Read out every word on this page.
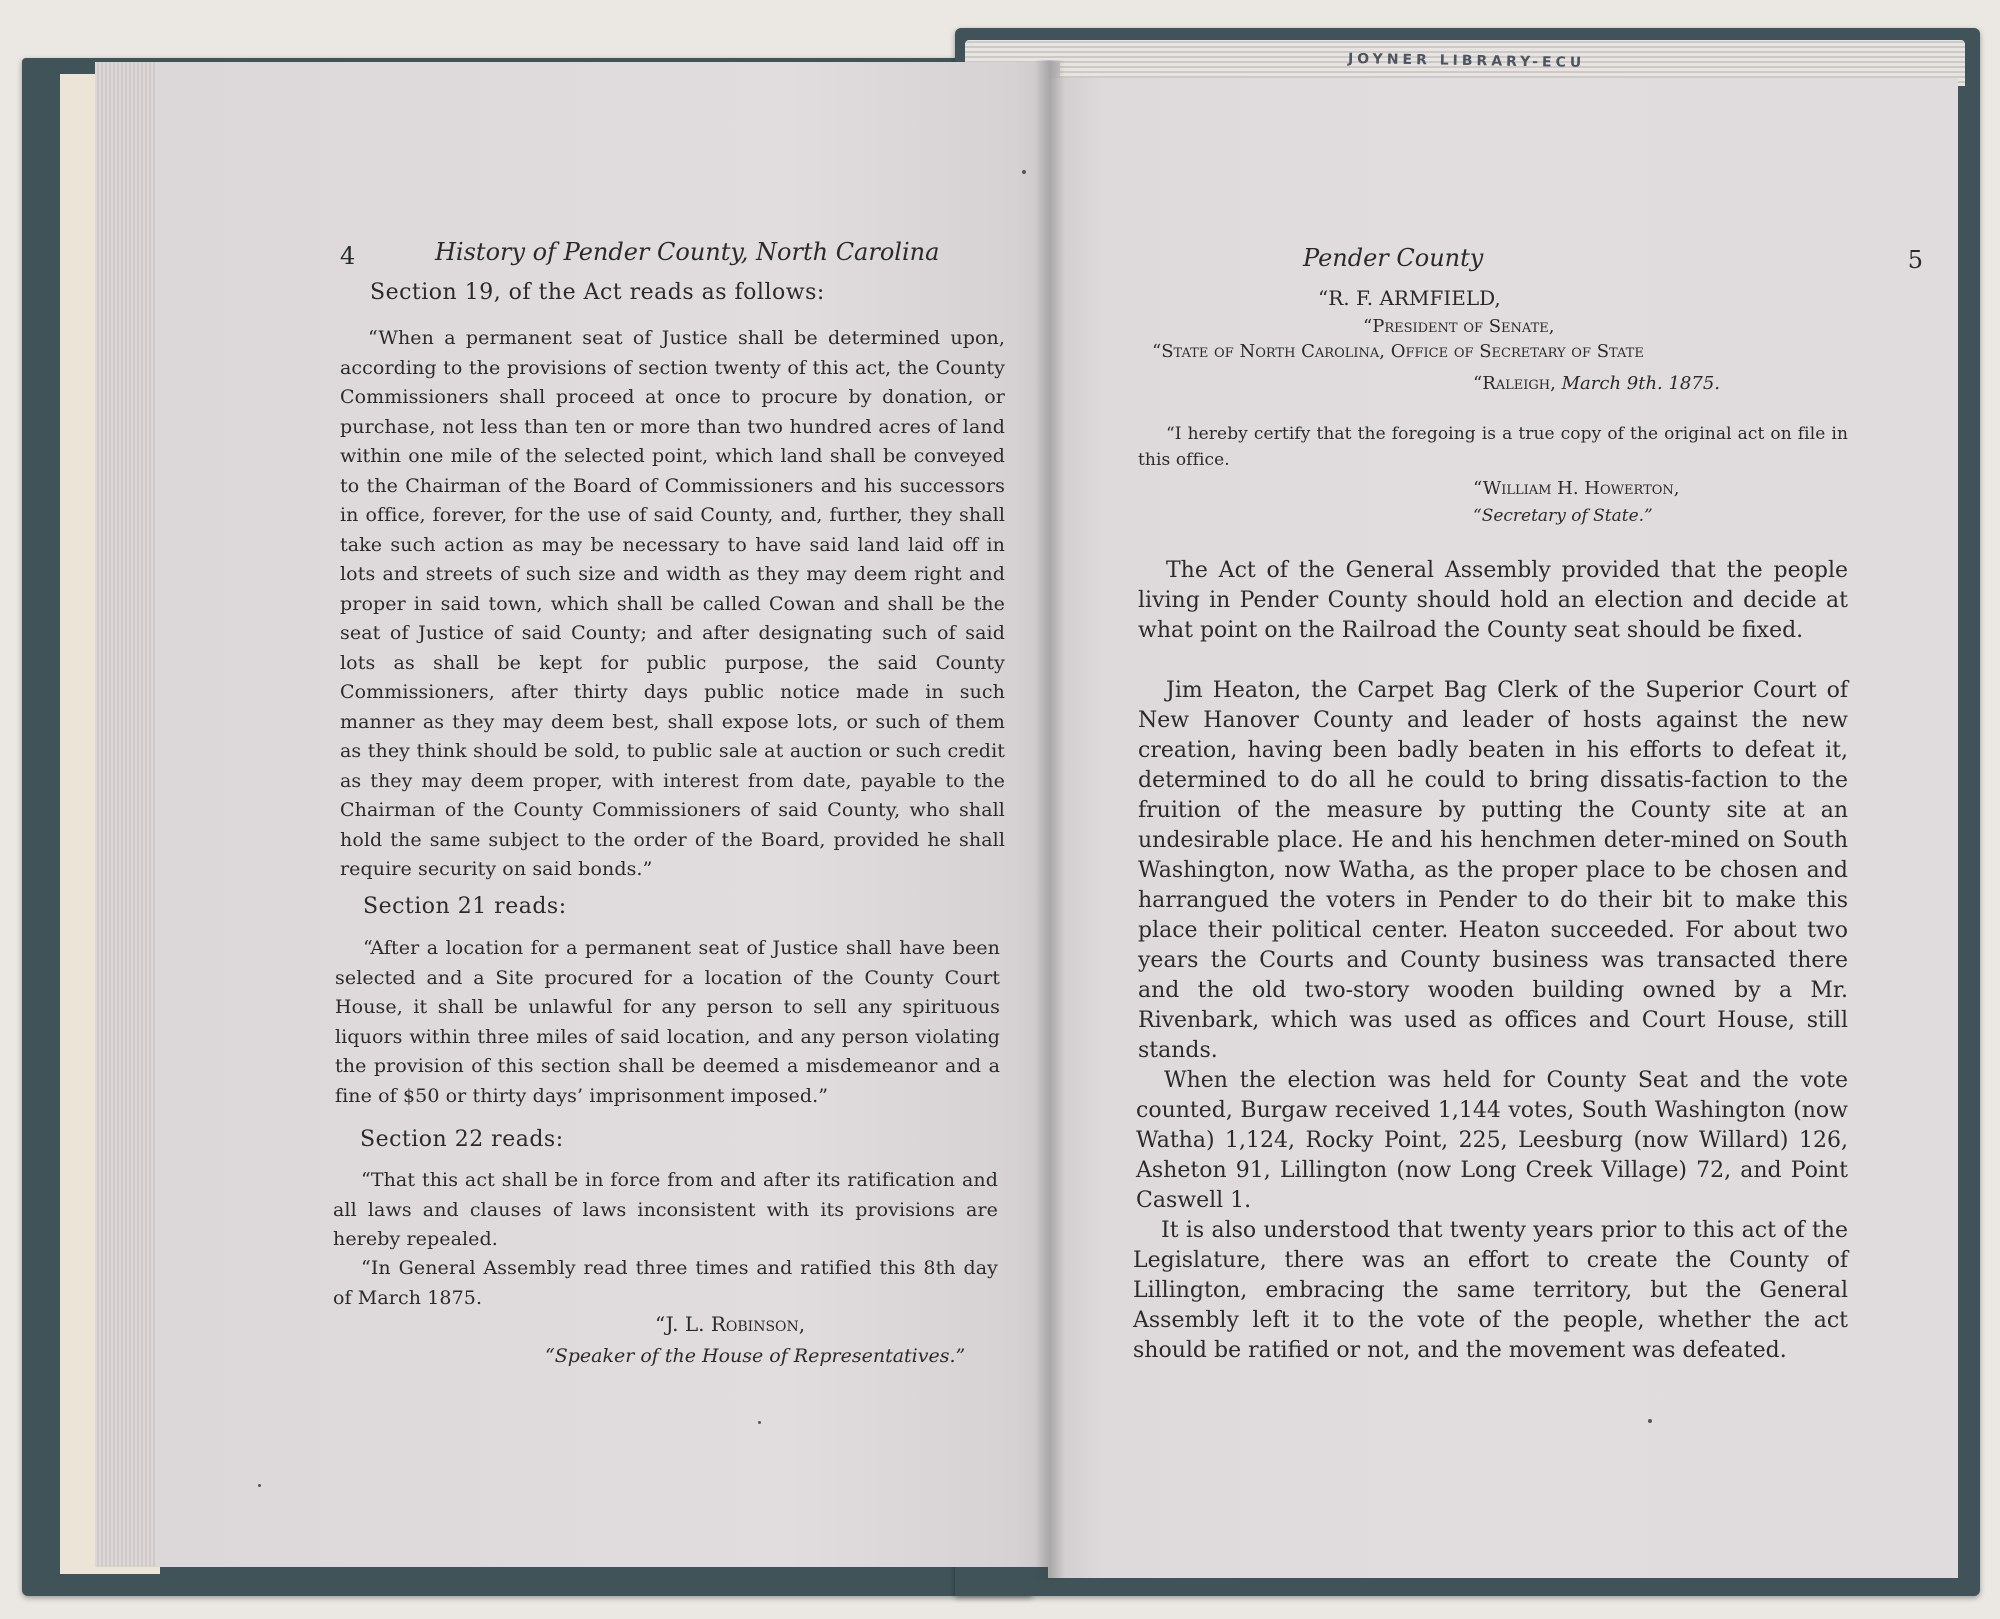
JOYNER LIBRARY-ECU
4	History of Pender County, North Carolina
Section 19, of the Act reads as follows:
“When a permanent seat of Justice shall be determined upon, according to the provisions of section twenty of this act, the County Commissioners shall proceed at once to procure by donation, or purchase, not less than ten or more than two hundred acres of land within one mile of the selected point, which land shall be conveyed to the Chairman of the Board of Commissioners and his successors in office, forever, for the use of said County, and, further, they shall take such action as may be necessary to have said land laid off in lots and streets of such size and width as they may deem right and proper in said town, which shall be called Cowan and shall be the seat of Justice of said County; and after designating such of said lots as shall be kept for public purpose, the said County Commissioners, after thirty days public notice made in such manner as they may deem best, shall expose lots, or such of them as they think should be sold, to public sale at auction or such credit as they may deem proper, with interest from date, payable to the Chairman of the County Commissioners of said County, who shall hold the same subject to the order of the Board, provided he shall require security on said bonds.”
Section 21 reads:
“After a location for a permanent seat of Justice shall have been selected and a Site procured for a location of the County Court House, it shall be unlawful for any person to sell any spirituous liquors within three miles of said location, and any person violating the provision of this section shall be deemed a misdemeanor and a fine of $50 or thirty days’ imprisonment imposed.”
Section 22 reads:
“That this act shall be in force from and after its ratification and all laws and clauses of laws inconsistent with its provisions are hereby repealed.
“In General Assembly read three times and ratified this 8th day of March 1875.
“J. L. Robinson,
“Speaker of the House of Representatives.”
Pender County	5
“R. F. ARMFIELD,
“President of Senate,
“State of North Carolina, Office of Secretary of State
“Raleigh, March 9th. 1875.
“I hereby certify that the foregoing is a true copy of the original act on file in this office.
“William H. Howerton,
“Secretary of State.”
The Act of the General Assembly provided that the people living in Pender County should hold an election and decide at what point on the Railroad the County seat should be fixed.
Jim Heaton, the Carpet Bag Clerk of the Superior Court of New Hanover County and leader of hosts against the new creation, having been badly beaten in his efforts to defeat it, determined to do all he could to bring dissatis-faction to the fruition of the measure by putting the County site at an undesirable place. He and his henchmen deter-mined on South Washington, now Watha, as the proper place to be chosen and harrangued the voters in Pender to do their bit to make this place their political center. Heaton succeeded. For about two years the Courts and County business was transacted there and the old two-story wooden building owned by a Mr. Rivenbark, which was used as offices and Court House, still stands.
When the election was held for County Seat and the vote counted, Burgaw received 1,144 votes, South Washington (now Watha) 1,124, Rocky Point, 225, Leesburg (now Willard) 126, Asheton 91, Lillington (now Long Creek Village) 72, and Point Caswell 1.
It is also understood that twenty years prior to this act of the Legislature, there was an effort to create the County of Lillington, embracing the same territory, but the General Assembly left it to the vote of the people, whether the act should be ratified or not, and the movement was defeated.
